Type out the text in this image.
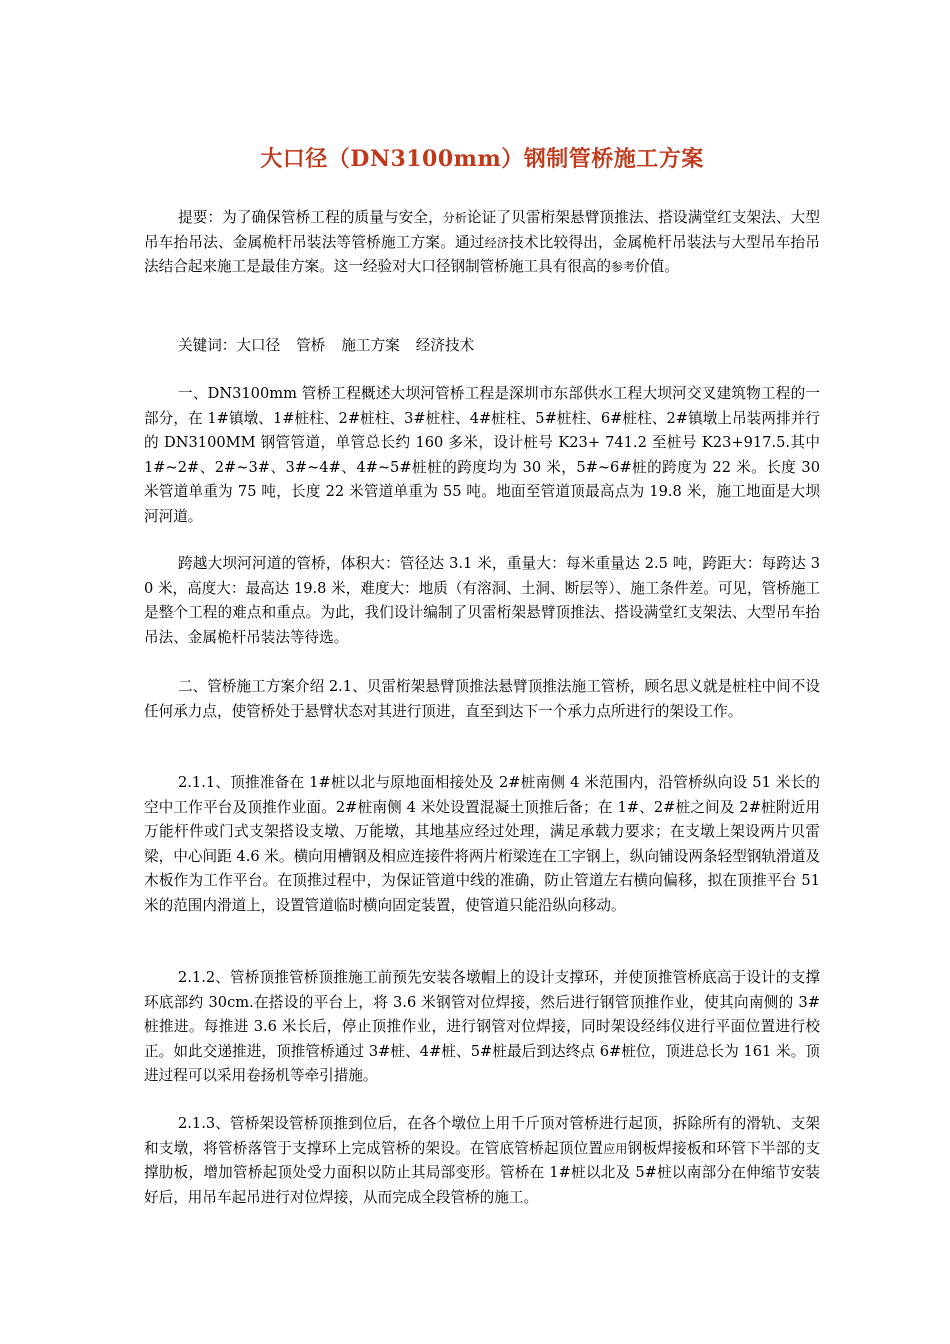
大口径（DN3100mm）钢制管桥施工方案

提要：为了确保管桥工程的质量与安全，分析论证了贝雷桁架悬臂顶推法、搭设满堂红支架法、大型吊车抬吊法、金属桅杆吊装法等管桥施工方案。通过经济技术比较得出，金属桅杆吊装法与大型吊车抬吊法结合起来施工是最佳方案。这一经验对大口径钢制管桥施工具有很高的参考价值。

关键词：大口径 管桥 施工方案 经济技术

一、DN3100mm 管桥工程概述大坝河管桥工程是深圳市东部供水工程大坝河交叉建筑物工程的一部分，在 1#镇墩、1#桩柱、2#桩柱、3#桩柱、4#桩柱、5#桩柱、6#桩柱、2#镇墩上吊装两排并行的 DN3100MM 钢管管道，单管总长约 160 多米，设计桩号 K23+ 741.2 至桩号 K23+917.5.其中 1#~2#、2#~3#、3#~4#、4#~5#桩桩的跨度均为 30 米，5#~6#桩的跨度为 22 米。长度 30 米管道单重为 75 吨，长度 22 米管道单重为 55 吨。地面至管道顶最高点为 19.8 米，施工地面是大坝河河道。

跨越大坝河河道的管桥，体积大：管径达 3.1 米，重量大：每米重量达 2.5 吨，跨距大：每跨达 30 米，高度大：最高达 19.8 米，难度大：地质（有溶洞、土洞、断层等）、施工条件差。可见，管桥施工是整个工程的难点和重点。为此，我们设计编制了贝雷桁架悬臂顶推法、搭设满堂红支架法、大型吊车抬吊法、金属桅杆吊装法等待选。

二、管桥施工方案介绍 2.1、贝雷桁架悬臂顶推法悬臂顶推法施工管桥，顾名思义就是桩柱中间不设任何承力点，使管桥处于悬臂状态对其进行顶进，直至到达下一个承力点所进行的架设工作。

2.1.1、顶推准备在 1#桩以北与原地面相接处及 2#桩南侧 4 米范围内，沿管桥纵向设 51 米长的空中工作平台及顶推作业面。2#桩南侧 4 米处设置混凝土顶推后备；在 1#、2#桩之间及 2#桩附近用万能杆件或门式支架搭设支墩、万能墩，其地基应经过处理，满足承载力要求；在支墩上架设两片贝雷梁，中心间距 4.6 米。横向用槽钢及相应连接件将两片桁梁连在工字钢上，纵向铺设两条轻型钢轨滑道及木板作为工作平台。在顶推过程中，为保证管道中线的准确，防止管道左右横向偏移，拟在顶推平台 51 米的范围内滑道上，设置管道临时横向固定装置，使管道只能沿纵向移动。

2.1.2、管桥顶推管桥顶推施工前预先安装各墩帽上的设计支撑环，并使顶推管桥底高于设计的支撑环底部约 30cm.在搭设的平台上，将 3.6 米钢管对位焊接，然后进行钢管顶推作业，使其向南侧的 3#桩推进。每推进 3.6 米长后，停止顶推作业，进行钢管对位焊接，同时架设经纬仪进行平面位置进行校正。如此交递推进，顶推管桥通过 3#桩、4#桩、5#桩最后到达终点 6#桩位，顶进总长为 161 米。顶进过程可以采用卷扬机等牵引措施。

2.1.3、管桥架设管桥顶推到位后，在各个墩位上用千斤顶对管桥进行起顶，拆除所有的滑轨、支架和支墩，将管桥落管于支撑环上完成管桥的架设。在管底管桥起顶位置应用钢板焊接板和环管下半部的支撑肋板，增加管桥起顶处受力面积以防止其局部变形。管桥在 1#桩以北及 5#桩以南部分在伸缩节安装好后，用吊车起吊进行对位焊接，从而完成全段管桥的施工。
